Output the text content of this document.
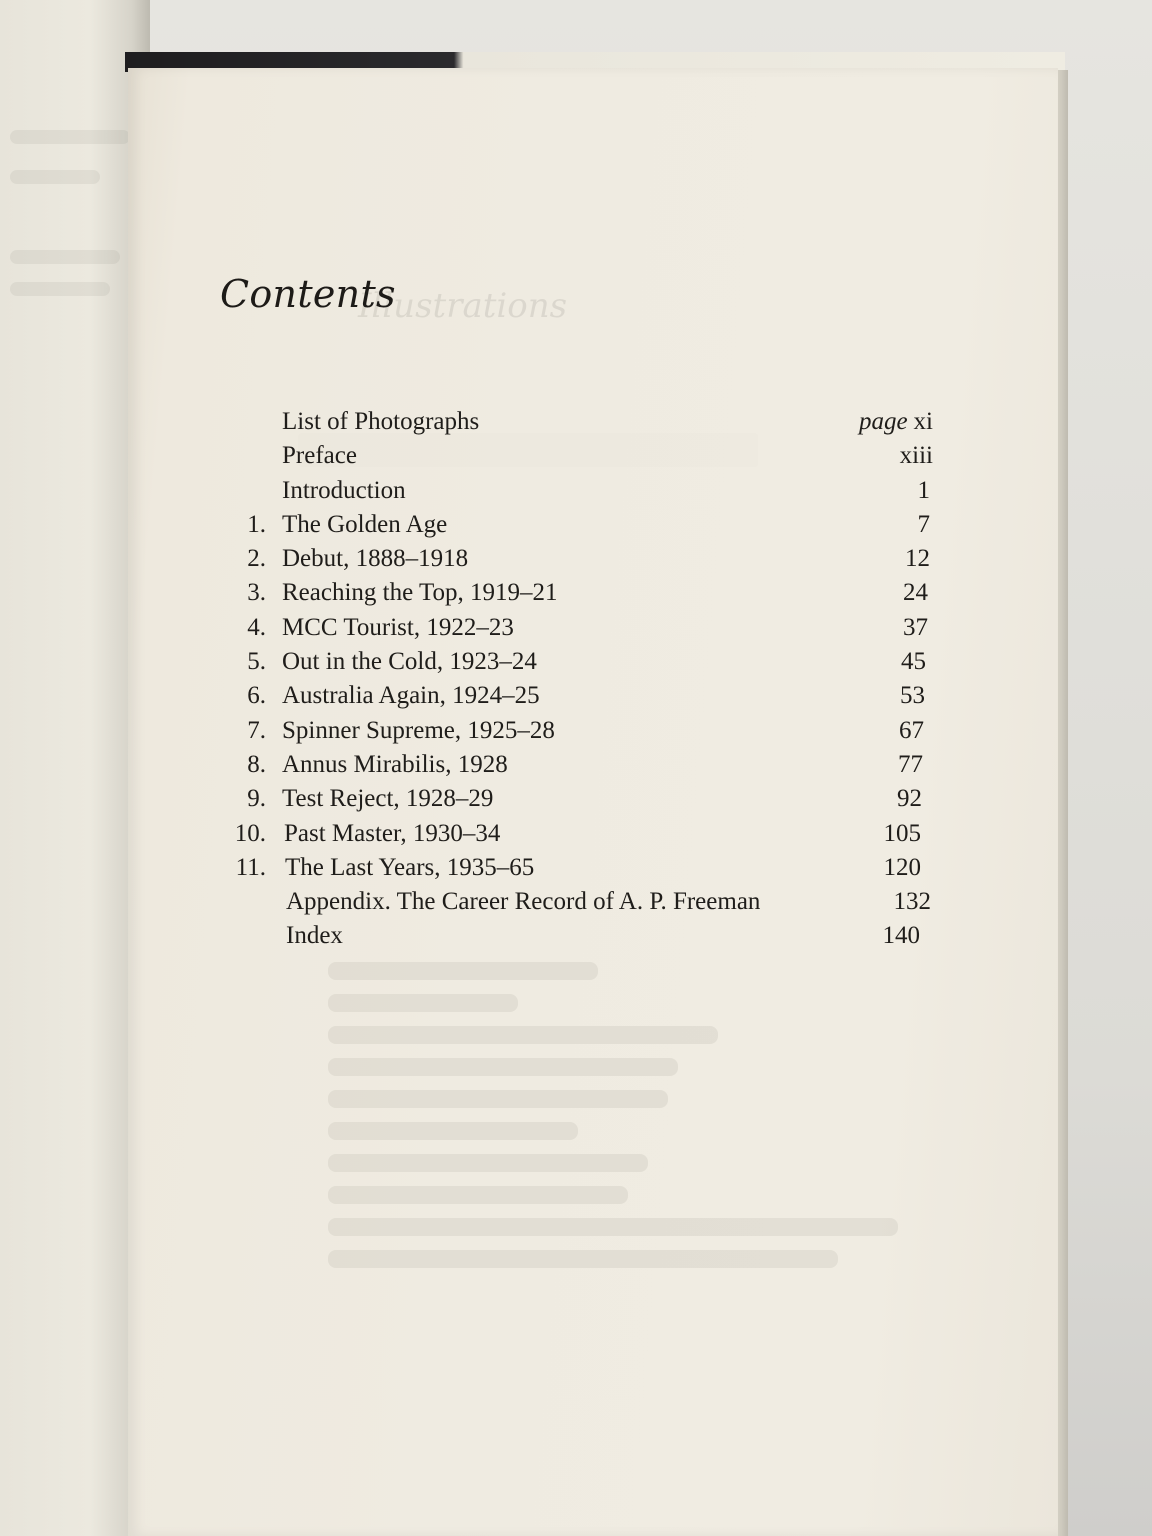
Illustrations
Contents
List of Photographs	page xi
Preface	xiii
Introduction	1
1. The Golden Age	7
2. Debut, 1888–1918	12
3. Reaching the Top, 1919–21	24
4. MCC Tourist, 1922–23	37
5. Out in the Cold, 1923–24	45
6. Australia Again, 1924–25	53
7. Spinner Supreme, 1925–28	67
8. Annus Mirabilis, 1928	77
9. Test Reject, 1928–29	92
10. Past Master, 1930–34	105
11. The Last Years, 1935–65	120
Appendix. The Career Record of A. P. Freeman	132
Index	140
